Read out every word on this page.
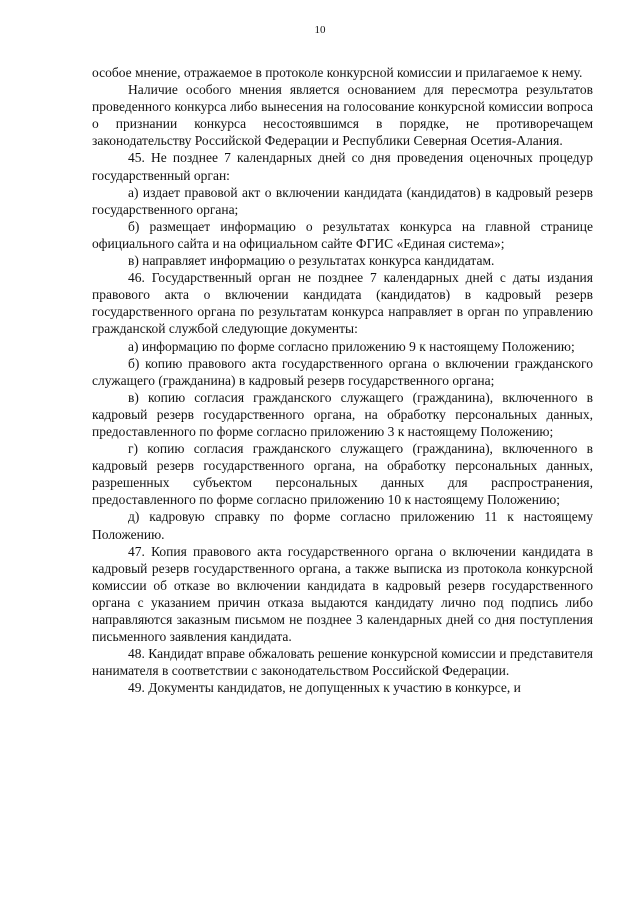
10

особое мнение, отражаемое в протоколе конкурсной комиссии и прилагаемое к нему.

Наличие особого мнения является основанием для пересмотра результатов проведенного конкурса либо вынесения на голосование конкурсной комиссии вопроса о признании конкурса несостоявшимся в порядке, не противоречащем законодательству Российской Федерации и Республики Северная Осетия-Алания.

45. Не позднее 7 календарных дней со дня проведения оценочных процедур государственный орган:

а) издает правовой акт о включении кандидата (кандидатов) в кадровый резерв государственного органа;

б) размещает информацию о результатах конкурса на главной странице официального сайта и на официальном сайте ФГИС «Единая система»;

в) направляет информацию о результатах конкурса кандидатам.

46. Государственный орган не позднее 7 календарных дней с даты издания правового акта о включении кандидата (кандидатов) в кадровый резерв государственного органа по результатам конкурса направляет в орган по управлению гражданской службой следующие документы:

а) информацию по форме согласно приложению 9 к настоящему Положению;

б) копию правового акта государственного органа о включении гражданского служащего (гражданина) в кадровый резерв государственного органа;

в) копию согласия гражданского служащего (гражданина), включенного в кадровый резерв государственного органа, на обработку персональных данных, предоставленного по форме согласно приложению 3 к настоящему Положению;

г) копию согласия гражданского служащего (гражданина), включенного в кадровый резерв государственного органа, на обработку персональных данных, разрешенных субъектом персональных данных для распространения, предоставленного по форме согласно приложению 10 к настоящему Положению;

д) кадровую справку по форме согласно приложению 11 к настоящему Положению.

47. Копия правового акта государственного органа о включении кандидата в кадровый резерв государственного органа, а также выписка из протокола конкурсной комиссии об отказе во включении кандидата в кадровый резерв государственного органа с указанием причин отказа выдаются кандидату лично под подпись либо направляются заказным письмом не позднее 3 календарных дней со дня поступления письменного заявления кандидата.

48. Кандидат вправе обжаловать решение конкурсной комиссии и представителя нанимателя в соответствии с законодательством Российской Федерации.

49. Документы кандидатов, не допущенных к участию в конкурсе, и
